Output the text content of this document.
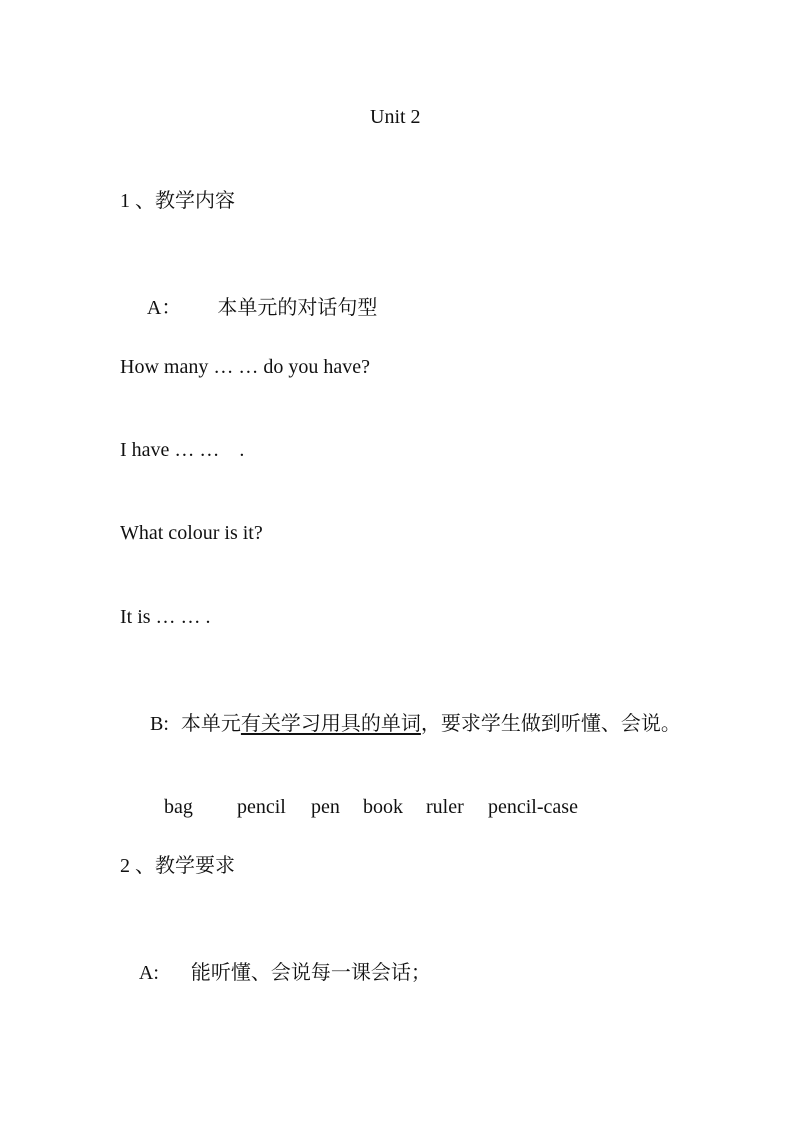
Unit 2
1 、教学内容

A： 本单元的对话句型

How many … … do you have?
I have … …    .
What colour is it?
It is … … .

B: 本单元有关学习用具的单词，要求学生做到听懂、会说。

bag pencil pen book ruler pencil-case

2 、教学要求

A: 能听懂、会说每一课会话；
